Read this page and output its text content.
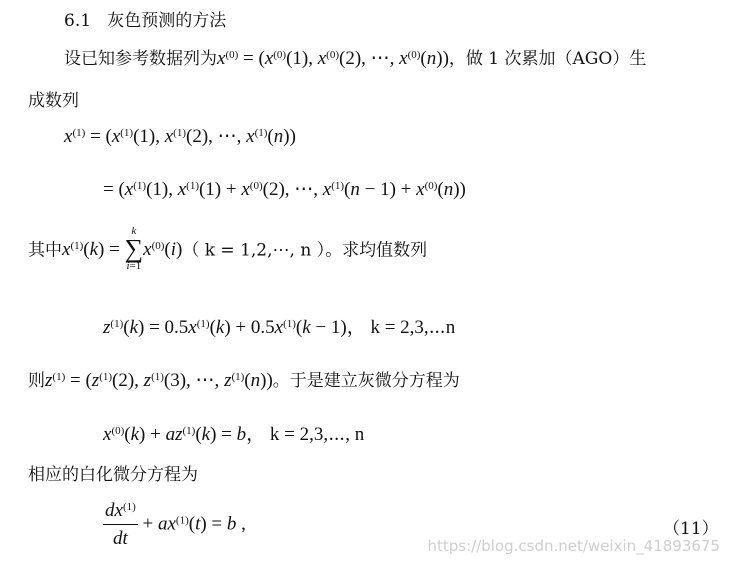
6.1 灰色预测的方法
设已知参考数据列为$x^{(0)} = (x^{(0)}(1)$, $x^{(0)}(2)$, ⋯, $x^{(0)}(n)$)，做 1 次累加（AGO）生
成数列
$x^{(1)} = (x^{(1)}(1)$, $x^{(1)}(2)$, ⋯, $x^{(1)}(n)$)
= ($x^{(1)}(1)$, $x^{(1)}(1) + x^{(0)}(2)$, ⋯, $x^{(1)}(n - 1) + x^{(0)}(n)$)
其中$x^{(1)}(k)$ =
k
∑
i=1
$x^{(0)}(i)$（ k = 1,2,⋯, n ）。求均值数列
$z^{(1)}(k) = 0.5x^{(1)}(k) + 0.5x^{(1)}(k - 1)$， k = 2,3,⋯n
则$z^{(1)} = (z^{(1)}(2)$, $z^{(1)}(3)$, ⋯, $z^{(1)}(n)$)。于是建立灰微分方程为
$x^{(0)}(k) + az^{(1)}(k) = b$， k = 2,3,⋯, n
相应的白化微分方程为
$\frac{dx^{(1)}}{dt} + ax^{(1)}(t) = b$ ,	（11）
https://blog.csdn.net/weixin_41893675
